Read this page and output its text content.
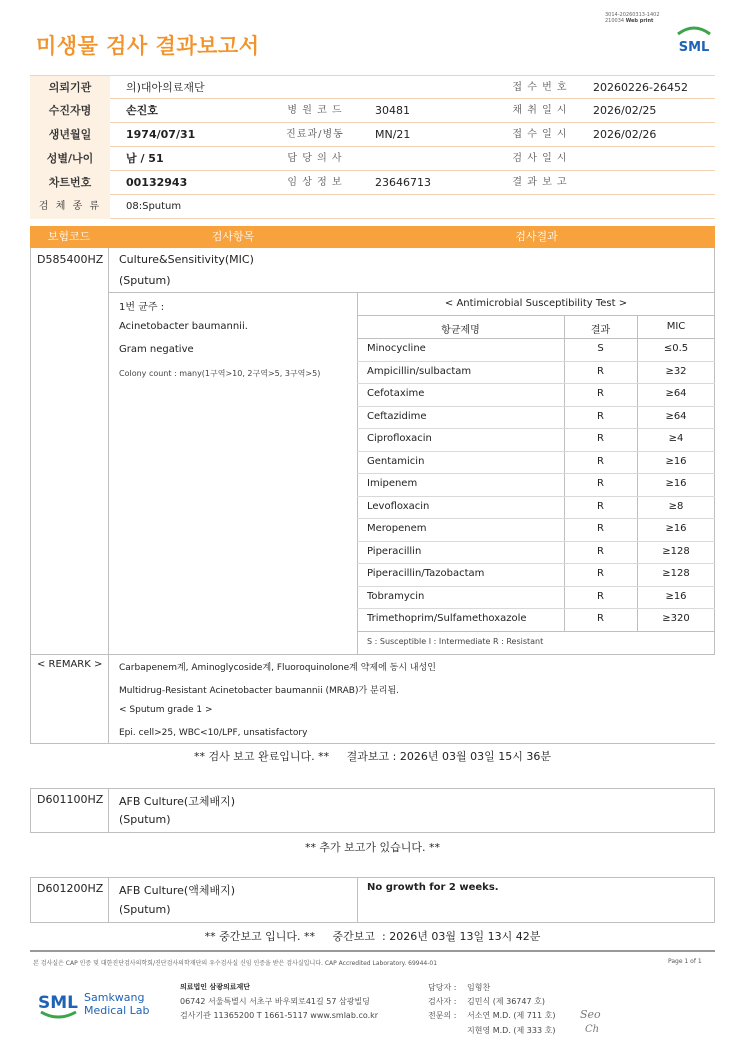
미생물 검사 결과보고서
3014-20260313-1402
210034 Web print
SML
의뢰기관	의)대아의료재단	접 수 번 호	20260226-26452
수진자명	손진호	병 원 코 드	30481	채 취 일 시	2026/02/25
생년월일	1974/07/31	진료과/병동	MN/21	접 수 일 시	2026/02/26
성별/나이	남 / 51	담 당 의 사	검 사 일 시
차트번호	00132943	임 상 정 보	23646713	결 과 보 고
검 체 종 류	08:Sputum
보험코드	검사항목	검사결과
D585400HZ Culture&Sensitivity(MIC)
(Sputum)
1번 균주 :
Acinetobacter baumannii.
Gram negative
Colony count : many(1구역>10, 2구역>5, 3구역>5)
< Antimicrobial Susceptibility Test >
항균제명	결과	MIC
Minocycline	S	≤0.5
Ampicillin/sulbactam	R	≥32
Cefotaxime	R	≥64
Ceftazidime	R	≥64
Ciprofloxacin	R	≥4
Gentamicin	R	≥16
Imipenem	R	≥16
Levofloxacin	R	≥8
Meropenem	R	≥16
Piperacillin	R	≥128
Piperacillin/Tazobactam	R	≥128
Tobramycin	R	≥16
Trimethoprim/Sulfamethoxazole	R	≥320
S : Susceptible I : Intermediate R : Resistant
< REMARK > Carbapenem계, Aminoglycoside계, Fluoroquinolone계 약제에 동시 내성인
Multidrug-Resistant Acinetobacter baumannii (MRAB)가 분리됨.
< Sputum grade 1 >
Epi. cell>25, WBC<10/LPF, unsatisfactory
** 검사 보고 완료입니다. **     결과보고 : 2026년 03월 03일 15시 36분
D601100HZ AFB Culture(고체배지)
(Sputum)
** 추가 보고가 있습니다. **
D601200HZ AFB Culture(액체배지)
(Sputum)
No growth for 2 weeks.
** 중간보고 입니다. **     중간보고  : 2026년 03월 13일 13시 42분
본 검사실은 CAP 인증 및 대한진단검사의학회/진단검사의학재단의 우수검사실 신임 인증을 받은 검사실입니다. CAP Accredited Laboratory. 69944-01	Page 1 of 1
SML Samkwang
Medical Lab
의료법인 삼광의료재단
06742 서울특별시 서초구 바우뫼로41길 57 삼광빌딩
검사기관 11365200 T 1661-5117 www.smlab.co.kr
담당자 : 임형찬
검사자 : 김민식 (제 36747 호)
전문의 : 서소연 M.D. (제 711 호)
지현영 M.D. (제 333 호)
Seo
Ch
